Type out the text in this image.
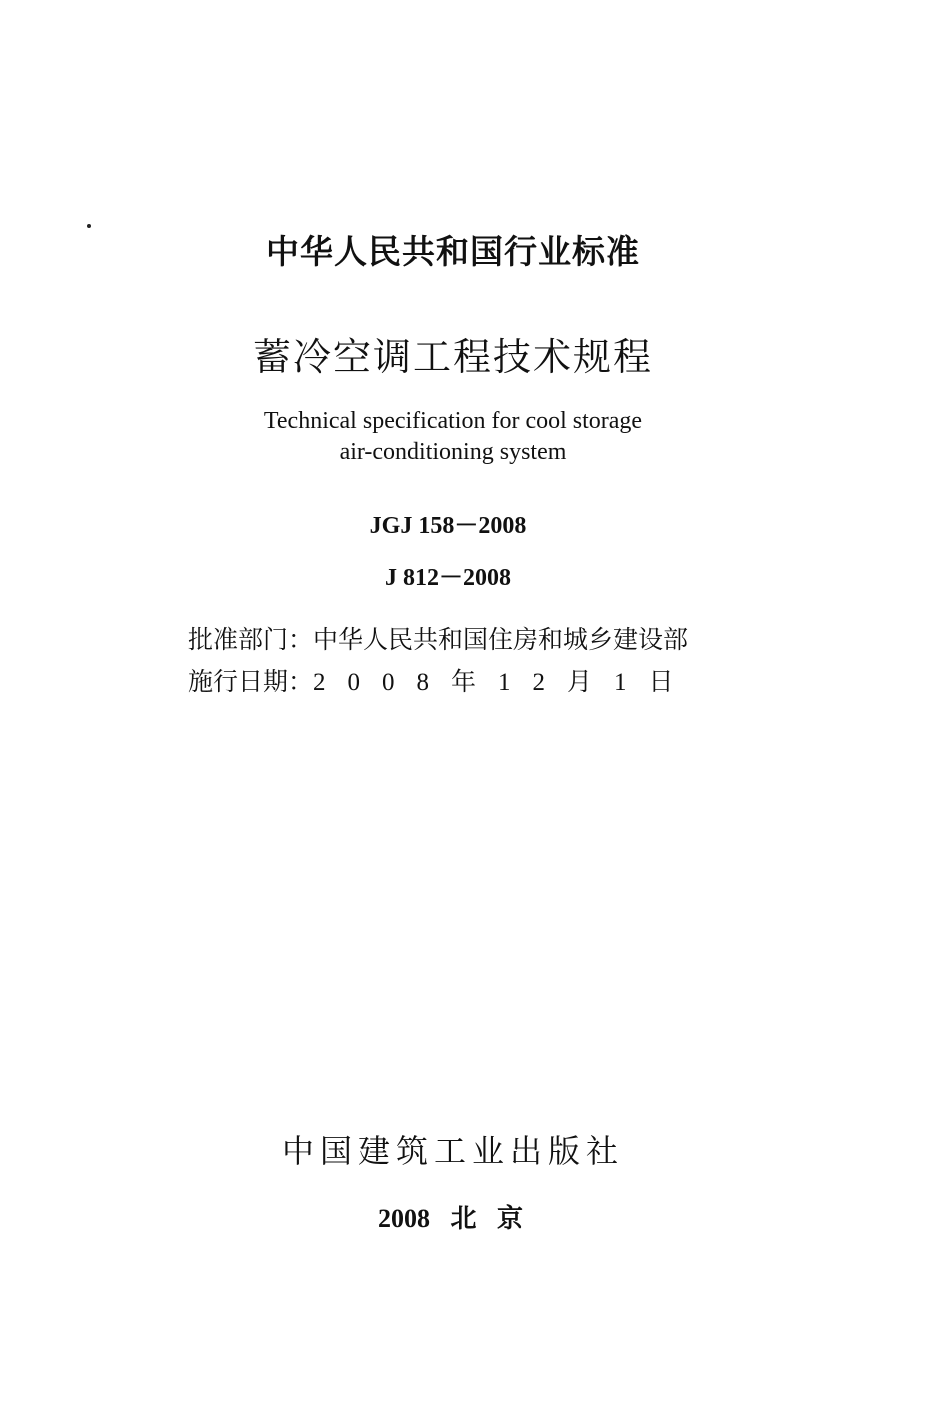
中华人民共和国行业标准
蓄冷空调工程技术规程
Technical specification for cool storage
air-conditioning system
JGJ 158－2008
J 812－2008
批准部门：中华人民共和国住房和城乡建设部
施行日期：2008年12月1日
中国建筑工业出版社
2008 北 京
